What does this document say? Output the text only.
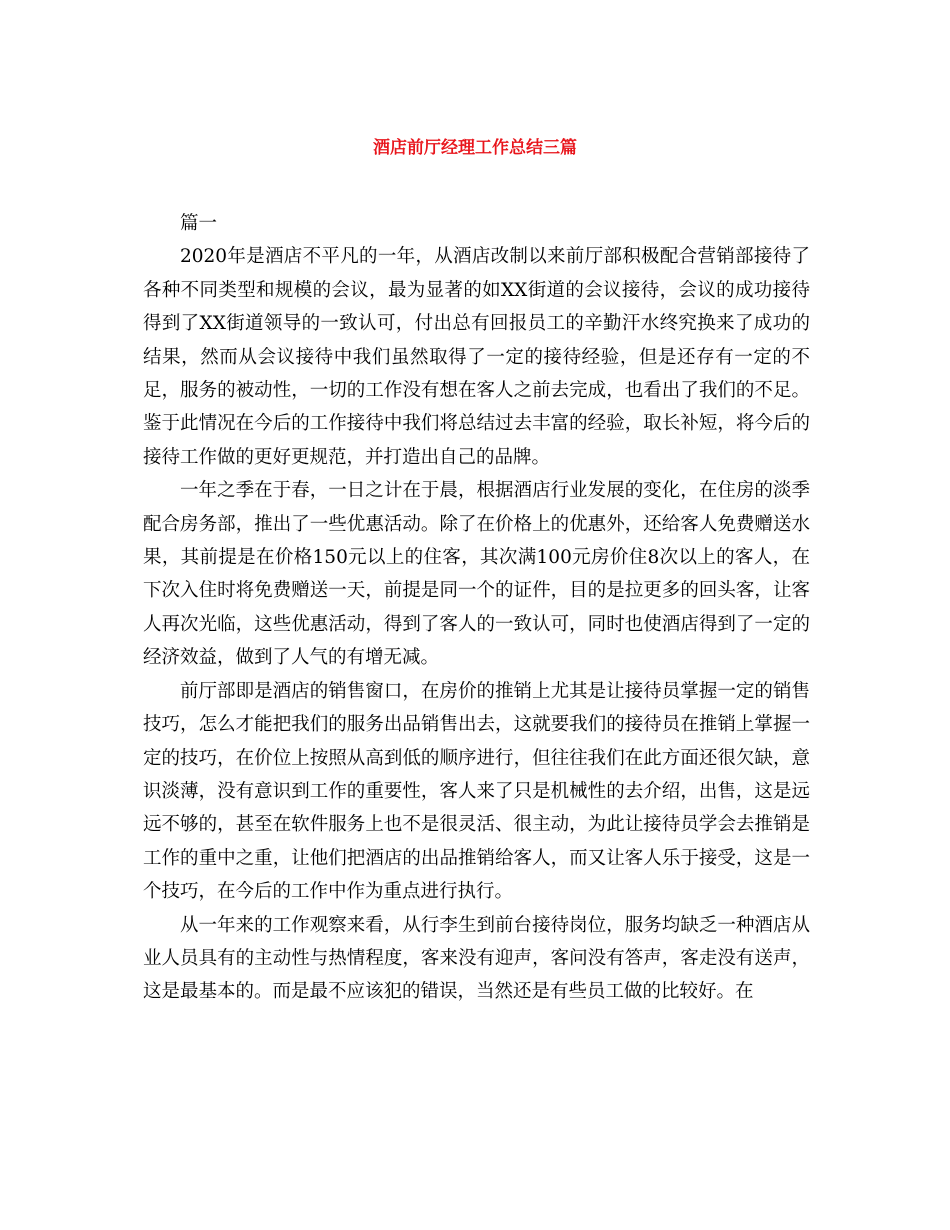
酒店前厅经理工作总结三篇

篇一

2020年是酒店不平凡的一年，从酒店改制以来前厅部积极配合营销部接待了各种不同类型和规模的会议，最为显著的如XX街道的会议接待，会议的成功接待得到了XX街道领导的一致认可，付出总有回报员工的辛勤汗水终究换来了成功的结果，然而从会议接待中我们虽然取得了一定的接待经验，但是还存有一定的不足，服务的被动性，一切的工作没有想在客人之前去完成，也看出了我们的不足。鉴于此情况在今后的工作接待中我们将总结过去丰富的经验，取长补短，将今后的接待工作做的更好更规范，并打造出自己的品牌。

一年之季在于春，一日之计在于晨，根据酒店行业发展的变化，在住房的淡季配合房务部，推出了一些优惠活动。除了在价格上的优惠外，还给客人免费赠送水果，其前提是在价格150元以上的住客，其次满100元房价住8次以上的客人，在下次入住时将免费赠送一天，前提是同一个的证件，目的是拉更多的回头客，让客人再次光临，这些优惠活动，得到了客人的一致认可，同时也使酒店得到了一定的经济效益，做到了人气的有增无减。

前厅部即是酒店的销售窗口，在房价的推销上尤其是让接待员掌握一定的销售技巧，怎么才能把我们的服务出品销售出去，这就要我们的接待员在推销上掌握一定的技巧，在价位上按照从高到低的顺序进行，但往往我们在此方面还很欠缺，意识淡薄，没有意识到工作的重要性，客人来了只是机械性的去介绍，出售，这是远远不够的，甚至在软件服务上也不是很灵活、很主动，为此让接待员学会去推销是工作的重中之重，让他们把酒店的出品推销给客人，而又让客人乐于接受，这是一个技巧，在今后的工作中作为重点进行执行。

从一年来的工作观察来看，从行李生到前台接待岗位，服务均缺乏一种酒店从业人员具有的主动性与热情程度，客来没有迎声，客问没有答声，客走没有送声，这是最基本的。而是最不应该犯的错误，当然还是有些员工做的比较好。在
